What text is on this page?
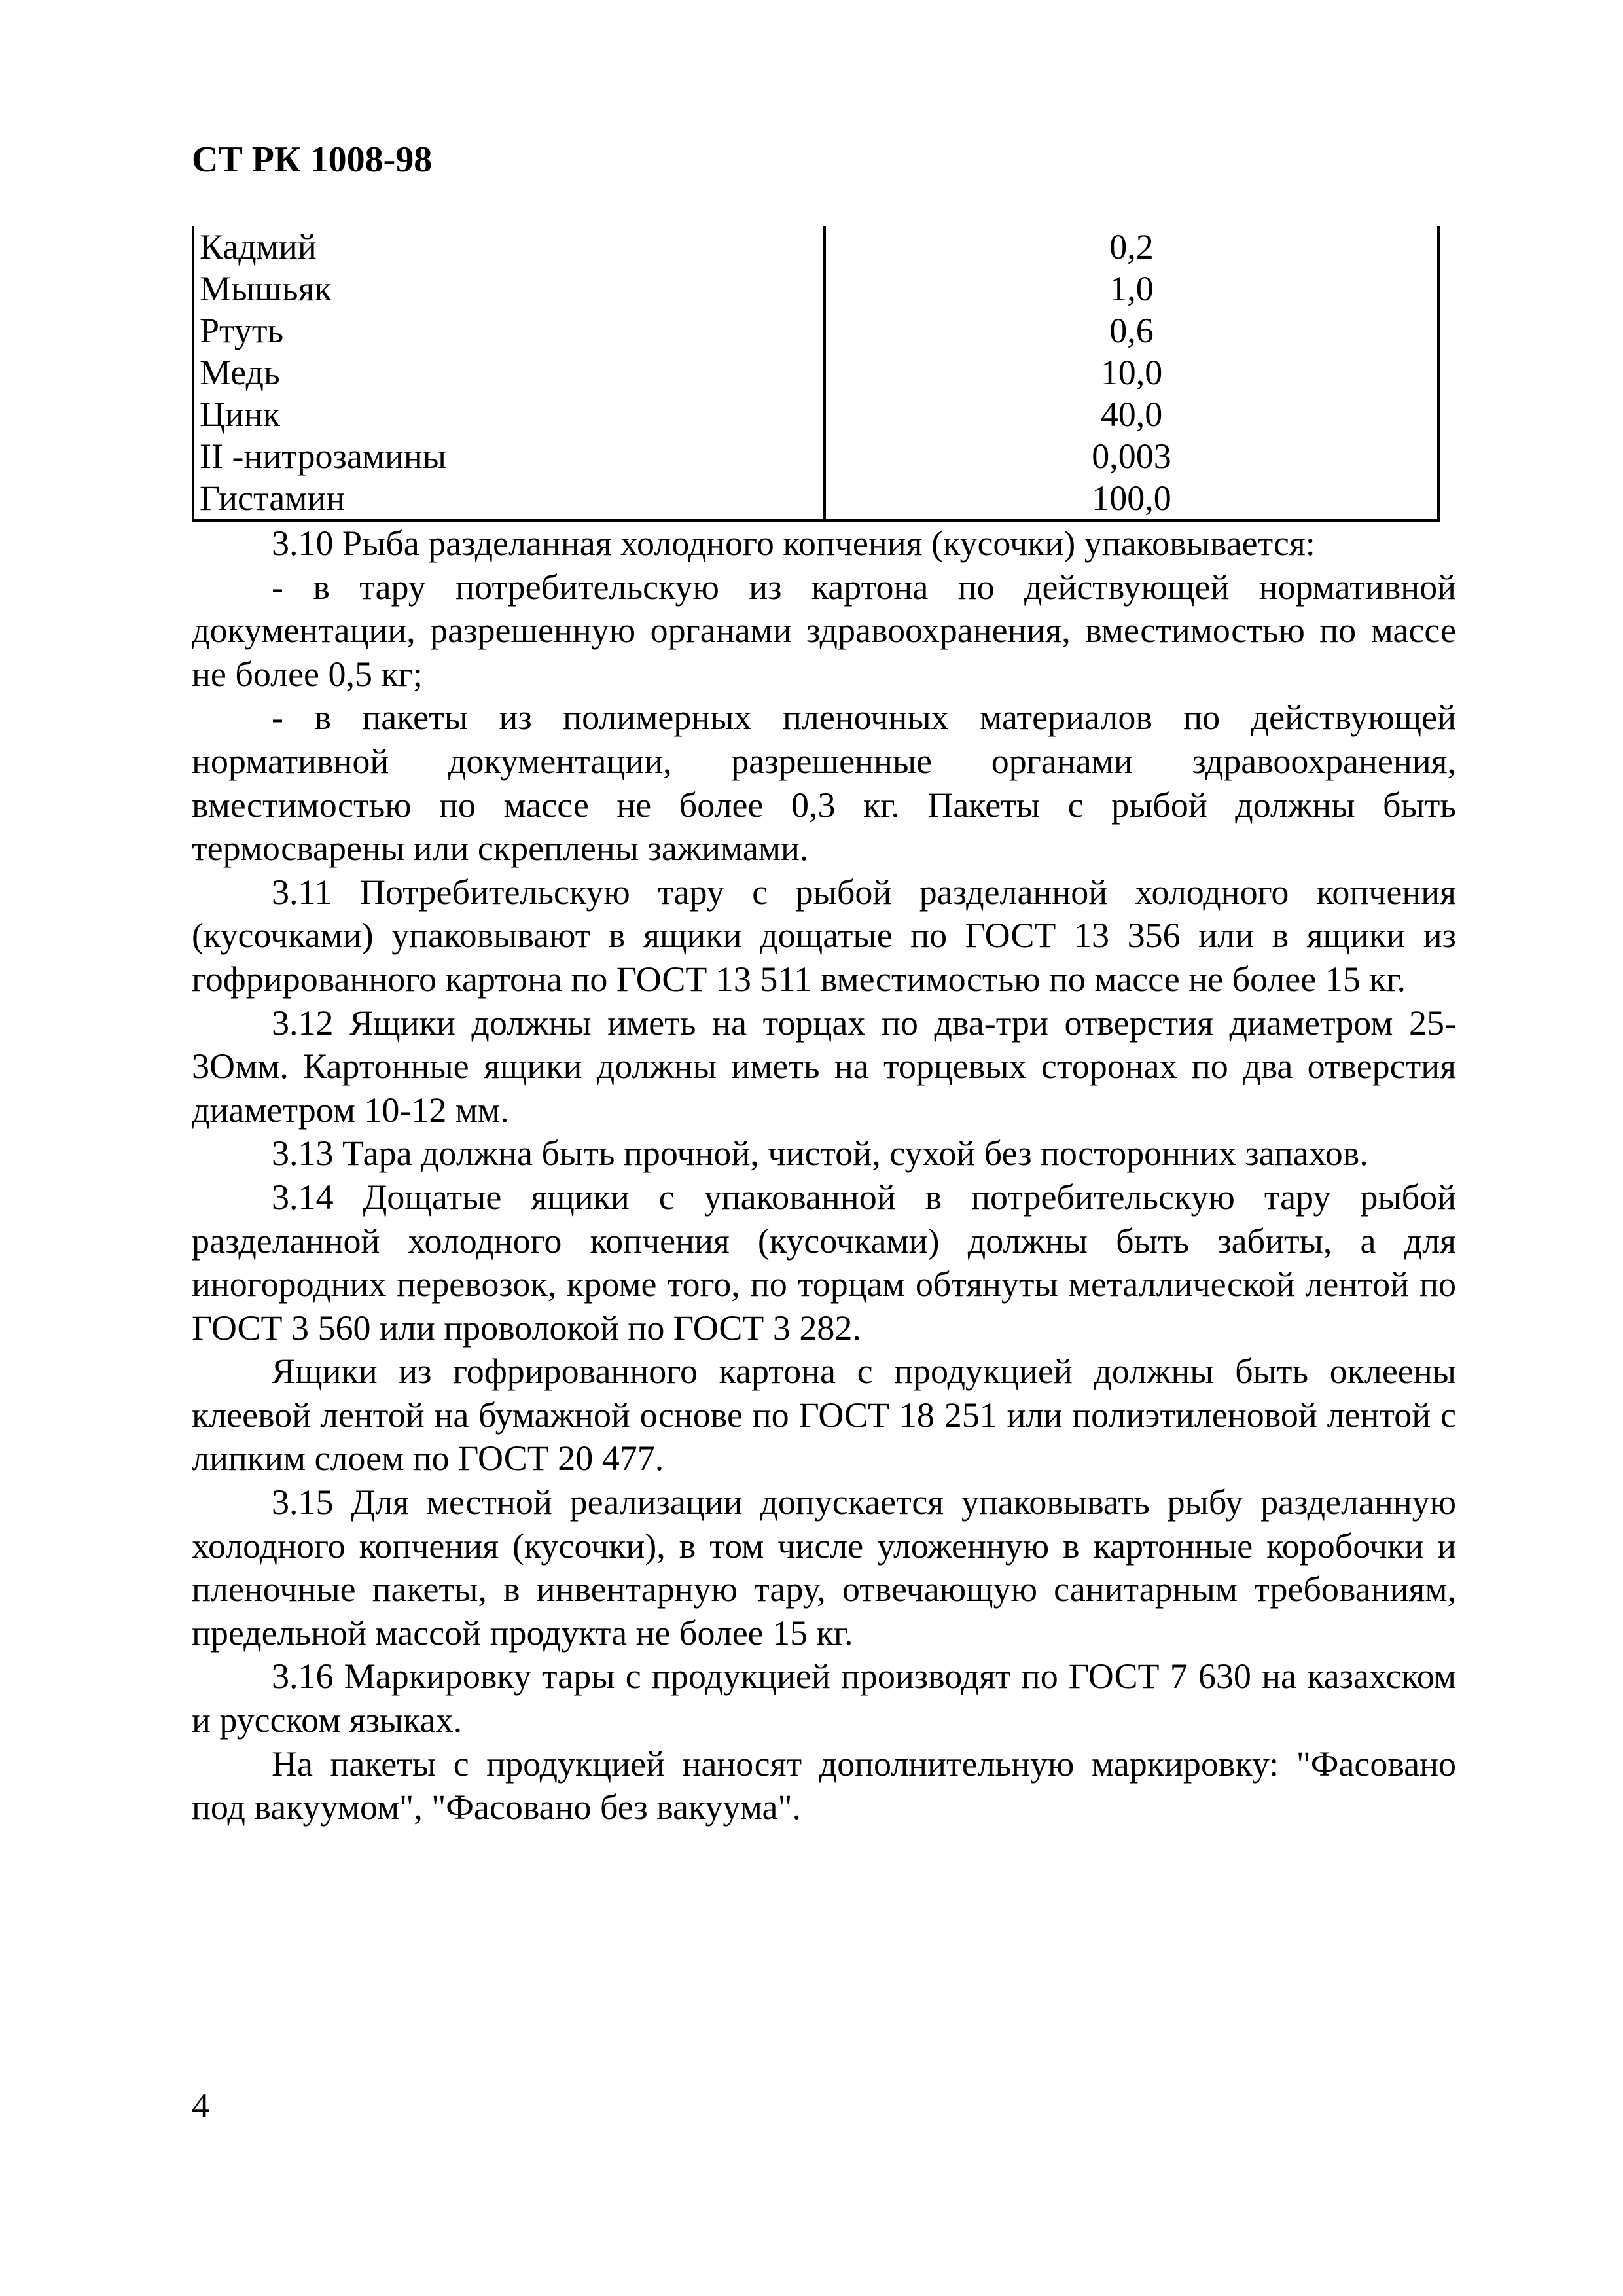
СТ РК 1008-98
Кадмий	0,2
Мышьяк	1,0
Ртуть	0,6
Медь	10,0
Цинк	40,0
II -нитрозамины	0,003
Гистамин	100,0

3.10 Рыба разделанная холодного копчения (кусочки) упаковывается:

- в тару потребительскую из картона по действующей нормативной документации, разрешенную органами здравоохранения, вместимостью по массе не более 0,5 кг;

- в пакеты из полимерных пленочных материалов по действующей нормативной документации, разрешенные органами здравоохранения, вместимостью по массе не более 0,3 кг. Пакеты с рыбой должны быть термосварены или скреплены зажимами.

3.11 Потребительскую тару с рыбой разделанной холодного копчения (кусочками) упаковывают в ящики дощатые по ГОСТ 13 356 или в ящики из гофрированного картона по ГОСТ 13 511 вместимостью по массе не более 15 кг.

3.12 Ящики должны иметь на торцах по два-три отверстия диаметром 25-3Омм. Картонные ящики должны иметь на торцевых сторонах по два отверстия диаметром 10-12 мм.

3.13 Тара должна быть прочной, чистой, сухой без посторонних запахов.

3.14 Дощатые ящики с упакованной в потребительскую тару рыбой разделанной холодного копчения (кусочками) должны быть забиты, а для иногородних перевозок, кроме того, по торцам обтянуты металлической лентой по ГОСТ 3 560 или проволокой по ГОСТ 3 282.

Ящики из гофрированного картона с продукцией должны быть оклеены клеевой лентой на бумажной основе по ГОСТ 18 251 или полиэтиленовой лентой с липким слоем по ГОСТ 20 477.

3.15 Для местной реализации допускается упаковывать рыбу разделанную холодного копчения (кусочки), в том числе уложенную в картонные коробочки и пленочные пакеты, в инвентарную тару, отвечающую санитарным требованиям, предельной массой продукта не более 15 кг.

3.16 Маркировку тары с продукцией производят по ГОСТ 7 630 на казахском и русском языках.

На пакеты с продукцией наносят дополнительную маркировку: "Фасовано под вакуумом", "Фасовано без вакуума".

4
